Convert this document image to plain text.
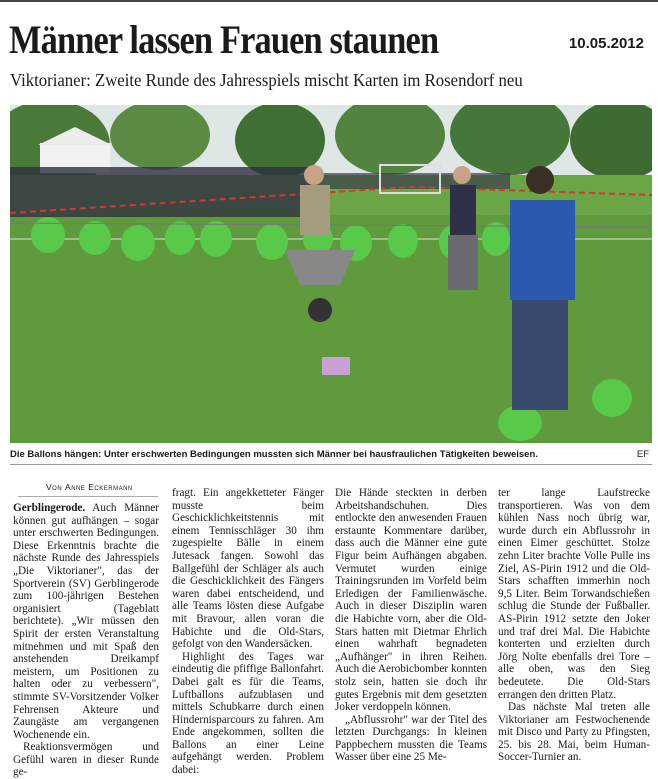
Männer lassen Frauen staunen	10.05.2012
Viktorianer: Zweite Runde des Jahresspiels mischt Karten im Rosendorf neu
Die Ballons hängen: Unter erschwerten Bedingungen mussten sich Männer bei hausfraulichen Tätigkeiten beweisen.	EF
Von Anne Eckermann

Gerblingerode. Auch Männer können gut aufhängen – sogar unter erschwerten Bedingungen. Diese Erkenntnis brachte die nächste Runde des Jahresspiels „Die Viktorianer", das der Sportverein (SV) Gerblingerode zum 100-jährigen Bestehen organisiert (Tageblatt berichtete). „Wir müssen den Spirit der ersten Veranstaltung mitnehmen und mit Spaß den anstehenden Dreikampf meistern, um Positionen zu halten oder zu verbessern", stimmte SV-Vorsitzender Volker Fehrensen Akteure und Zaungäste am vergangenen Wochenende ein.

Reaktionsvermögen und Gefühl waren in dieser Runde ge-

fragt. Ein angekketteter Fänger musste beim Geschicklichkeitstennis mit einem Tennisschläger 30 ihm zugespielte Bälle in einem Jutesack fangen. Sowohl das Ballgefühl der Schläger als auch die Geschicklichkeit des Fängers waren dabei entscheidend, und alle Teams lösten diese Aufgabe mit Bravour, allen voran die Habichte und die Old-Stars, gefolgt von den Wandersäcken.

Highlight des Tages war eindeutig die pfiffige Ballonfahrt. Dabei galt es für die Teams, Luftballons aufzublasen und mittels Schubkarre durch einen Hindernisparcours zu fahren. Am Ende angekommen, sollten die Ballons an einer Leine aufgehängt werden. Problem dabei:

Die Hände steckten in derben Arbeitshandschuhen. Dies entlockte den anwesenden Frauen erstaunte Kommentare darüber, dass auch die Männer eine gute Figur beim Aufhängen abgaben. Vermutet wurden einige Trainingsrunden im Vorfeld beim Erledigen der Familienwäsche. Auch in dieser Disziplin waren die Habichte vorn, aber die Old-Stars hatten mit Dietmar Ehrlich einen wahrhaft begnadeten „Aufhänger" in ihren Reihen. Auch die Aerobicbomber konnten stolz sein, hatten sie doch ihr gutes Ergebnis mit dem gesetzten Joker verdoppeln können.

„Abflussrohr" war der Titel des letzten Durchgangs: In kleinen Pappbechern mussten die Teams Wasser über eine 25 Me-

ter lange Laufstrecke transportieren. Was von dem kühlen Nass noch übrig war, wurde durch ein Abflussrohr in einen Eimer geschüttet. Stolze zehn Liter brachte Volle Pulle ins Ziel, AS-Pirin 1912 und die Old-Stars schafften immerhin noch 9,5 Liter. Beim Torwandschießen schlug die Stunde der Fußballer. AS-Pirin 1912 setzte den Joker und traf drei Mal. Die Habichte konterten und erzielten durch Jörg Nolte ebenfalls drei Tore – alle oben, was den Sieg bedeutete. Die Old-Stars errangen den dritten Platz.

Das nächste Mal treten alle Viktorianer am Festwochenende mit Disco und Party zu Pfingsten, 25. bis 28. Mai, beim Human-Soccer-Turnier an.
